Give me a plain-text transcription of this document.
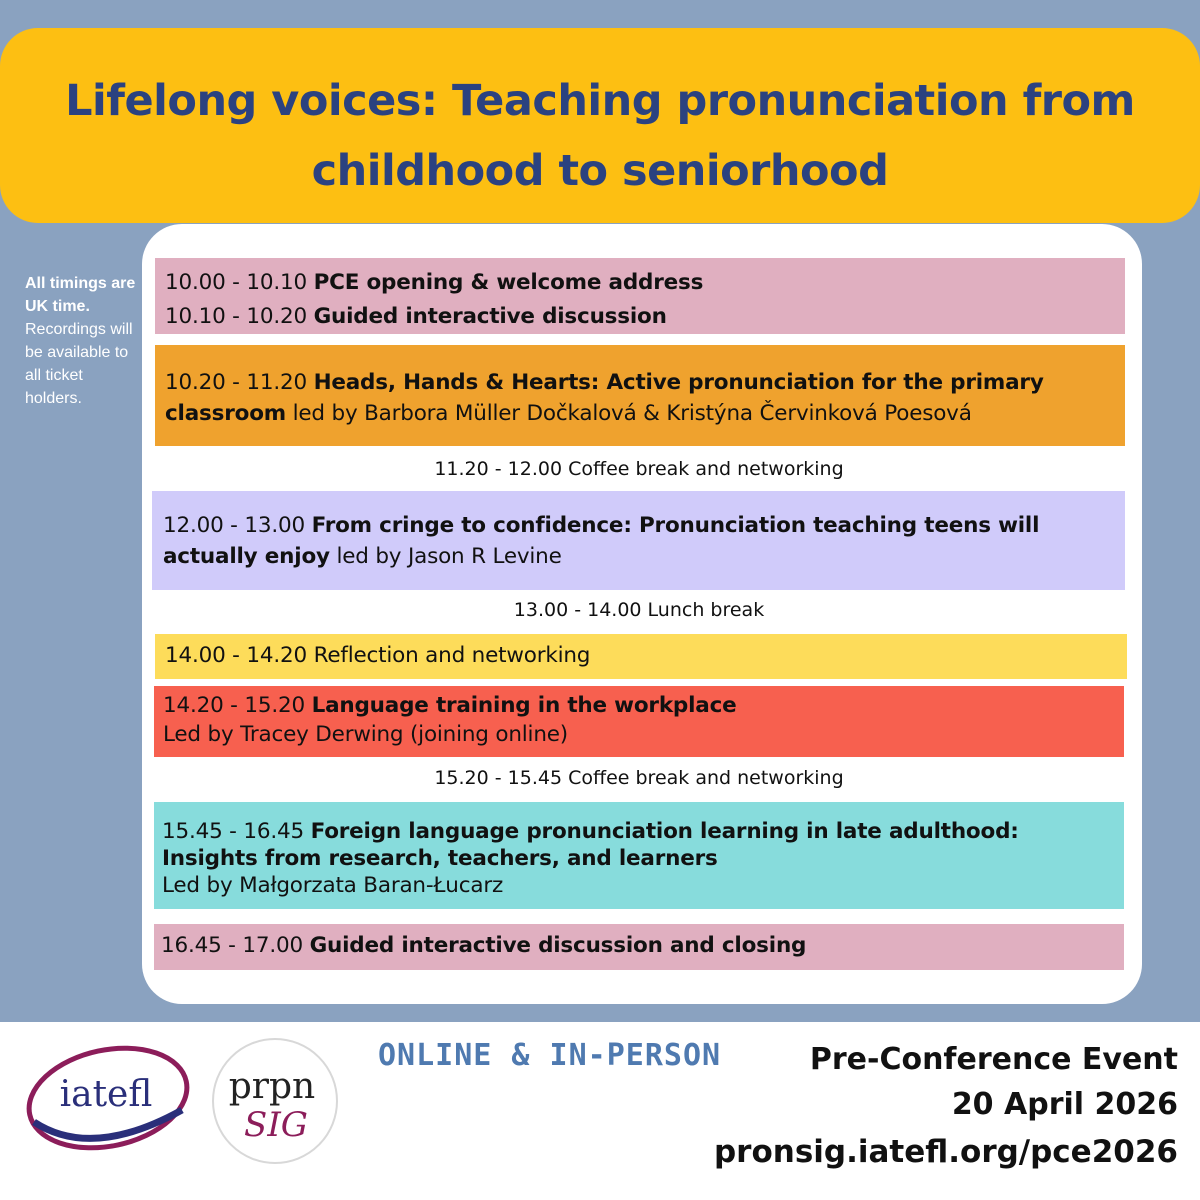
Lifelong voices: Teaching pronunciation from
childhood to seniorhood
All timings are UK time. Recordings will be available to all ticket holders.
10.00 - 10.10 PCE opening & welcome address
10.10 - 10.20 Guided interactive discussion
10.20 - 11.20 Heads, Hands & Hearts: Active pronunciation for the primary classroom led by Barbora Müller Dočkalová & Kristýna Červinková Poesová
11.20 - 12.00 Coffee break and networking
12.00 - 13.00 From cringe to confidence: Pronunciation teaching teens will actually enjoy led by Jason R Levine
13.00 - 14.00 Lunch break
14.00 - 14.20 Reflection and networking
14.20 - 15.20 Language training in the workplace
Led by Tracey Derwing (joining online)
15.20 - 15.45 Coffee break and networking
15.45 - 16.45 Foreign language pronunciation learning in late adulthood:
Insights from research, teachers, and learners
Led by Małgorzata Baran-Łucarz
16.45 - 17.00 Guided interactive discussion and closing
iatefl prpn
SIG
ONLINE & IN-PERSON	Pre-Conference Event
20 April 2026
pronsig.iatefl.org/pce2026
